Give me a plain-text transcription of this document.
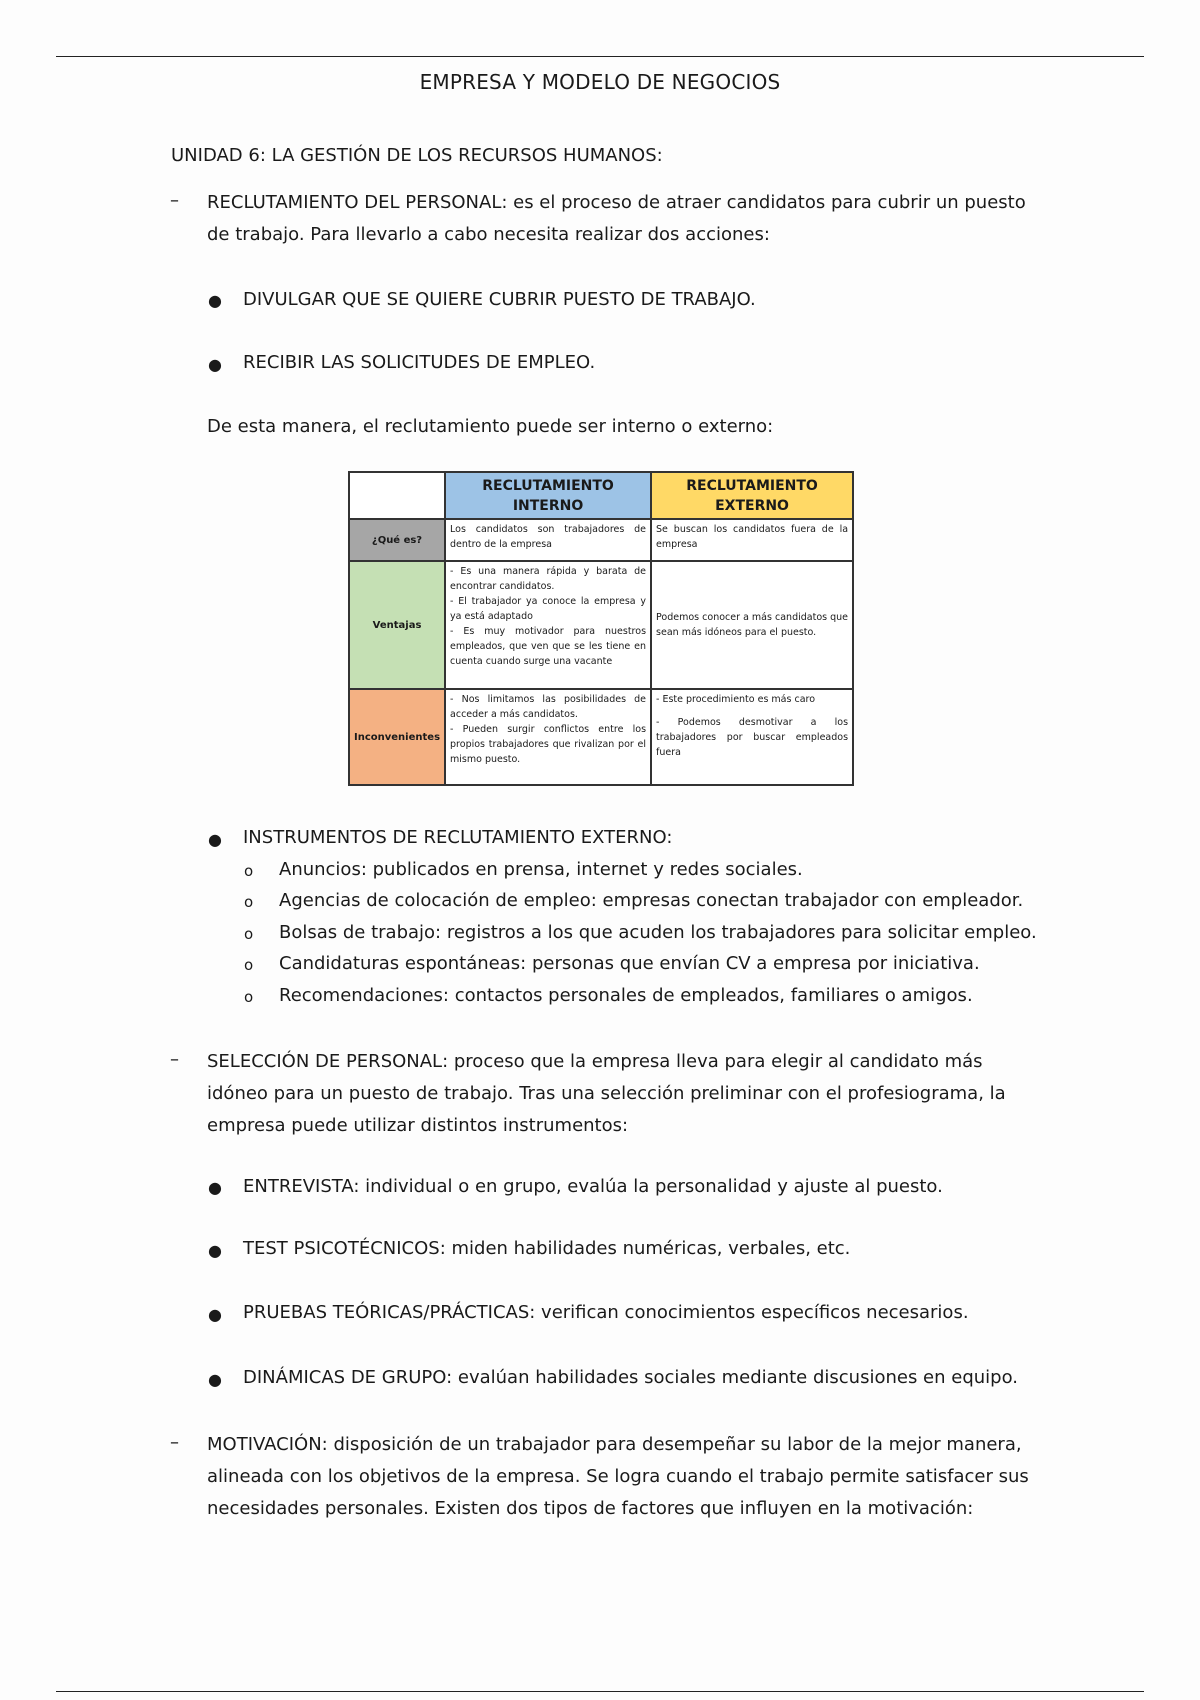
EMPRESA Y MODELO DE NEGOCIOS
UNIDAD 6: LA GESTIÓN DE LOS RECURSOS HUMANOS:
– RECLUTAMIENTO DEL PERSONAL: es el proceso de atraer candidatos para cubrir un puesto
de trabajo. Para llevarlo a cabo necesita realizar dos acciones:
● DIVULGAR QUE SE QUIERE CUBRIR PUESTO DE TRABAJO.
● RECIBIR LAS SOLICITUDES DE EMPLEO.
De esta manera, el reclutamiento puede ser interno o externo:
	RECLUTAMIENTO INTERNO	RECLUTAMIENTO EXTERNO
¿Qué es?	Los candidatos son trabajadores de dentro de la empresa	Se buscan los candidatos fuera de la empresa

Ventajas	- Es una manera rápida y barata de encontrar candidatos.
- El trabajador ya conoce la empresa y ya está adaptado
- Es muy motivador para nuestros empleados, que ven que se les tiene en cuenta cuando surge una vacante	Podemos conocer a más candidatos que sean más idóneos para el puesto.

Inconvenientes	- Nos limitamos las posibilidades de acceder a más candidatos.
- Pueden surgir conflictos entre los propios trabajadores que rivalizan por el mismo puesto.	- Este procedimiento es más caro
- Podemos desmotivar a los trabajadores por buscar empleados fuera
● INSTRUMENTOS DE RECLUTAMIENTO EXTERNO:
o Anuncios: publicados en prensa, internet y redes sociales.
o Agencias de colocación de empleo: empresas conectan trabajador con empleador.
o Bolsas de trabajo: registros a los que acuden los trabajadores para solicitar empleo.
o Candidaturas espontáneas: personas que envían CV a empresa por iniciativa.
o Recomendaciones: contactos personales de empleados, familiares o amigos.
– SELECCIÓN DE PERSONAL: proceso que la empresa lleva para elegir al candidato más
idóneo para un puesto de trabajo. Tras una selección preliminar con el profesiograma, la
empresa puede utilizar distintos instrumentos:
● ENTREVISTA: individual o en grupo, evalúa la personalidad y ajuste al puesto.
● TEST PSICOTÉCNICOS: miden habilidades numéricas, verbales, etc.
● PRUEBAS TEÓRICAS/PRÁCTICAS: verifican conocimientos específicos necesarios.
● DINÁMICAS DE GRUPO: evalúan habilidades sociales mediante discusiones en equipo.
– MOTIVACIÓN: disposición de un trabajador para desempeñar su labor de la mejor manera,
alineada con los objetivos de la empresa. Se logra cuando el trabajo permite satisfacer sus
necesidades personales. Existen dos tipos de factores que influyen en la motivación:
